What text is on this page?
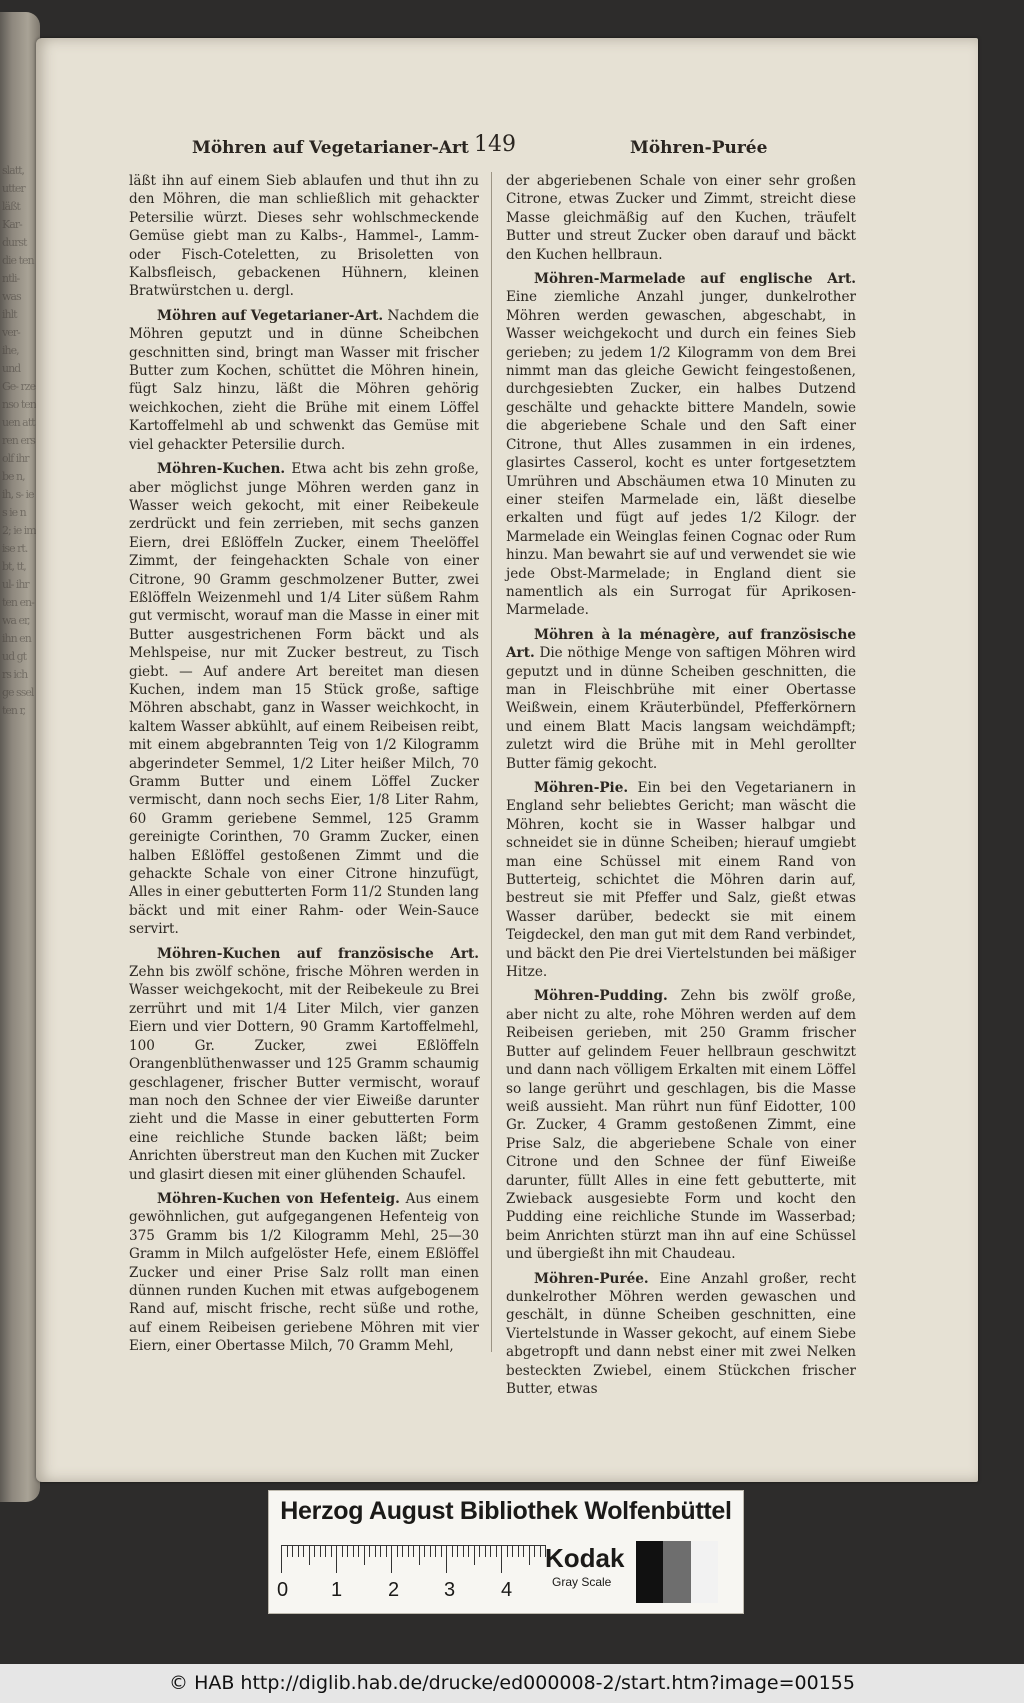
slatt, utter läßt Kar- durst die ten ntli- was ihlt ver- ihe, und Ge- rze nso ten uen att ren ers olf ihr be n, ih, s- ie s ie n 2; ie im ise rt. bt, tt, ul- ihr ten en- wa er, ihn en ud gt rs ich ge ssel ten r,
Möhren auf Vegetarianer-Art 149	Möhren-Purée

läßt ihn auf einem Sieb ablaufen und thut ihn zu den Möhren, die man schließlich mit gehackter Petersilie würzt. Dieses sehr wohlschmeckende Gemüse giebt man zu Kalbs-, Hammel-, Lamm- oder Fisch-Coteletten, zu Brisoletten von Kalbsfleisch, gebackenen Hühnern, kleinen Bratwürstchen u. dergl.

Möhren auf Vegetarianer-Art. Nachdem die Möhren geputzt und in dünne Scheibchen geschnitten sind, bringt man Wasser mit frischer Butter zum Kochen, schüttet die Möhren hinein, fügt Salz hinzu, läßt die Möhren gehörig weichkochen, zieht die Brühe mit einem Löffel Kartoffelmehl ab und schwenkt das Gemüse mit viel gehackter Petersilie durch.

Möhren-Kuchen. Etwa acht bis zehn große, aber möglichst junge Möhren werden ganz in Wasser weich gekocht, mit einer Reibekeule zerdrückt und fein zerrieben, mit sechs ganzen Eiern, drei Eßlöffeln Zucker, einem Theelöffel Zimmt, der feingehackten Schale von einer Citrone, 90 Gramm geschmolzener Butter, zwei Eßlöffeln Weizenmehl und 1/4 Liter süßem Rahm gut vermischt, worauf man die Masse in einer mit Butter ausgestrichenen Form bäckt und als Mehlspeise, nur mit Zucker bestreut, zu Tisch giebt. — Auf andere Art bereitet man diesen Kuchen, indem man 15 Stück große, saftige Möhren abschabt, ganz in Wasser weichkocht, in kaltem Wasser abkühlt, auf einem Reibeisen reibt, mit einem abgebrannten Teig von 1/2 Kilogramm abgerindeter Semmel, 1/2 Liter heißer Milch, 70 Gramm Butter und einem Löffel Zucker vermischt, dann noch sechs Eier, 1/8 Liter Rahm, 60 Gramm geriebene Semmel, 125 Gramm gereinigte Corinthen, 70 Gramm Zucker, einen halben Eßlöffel gestoßenen Zimmt und die gehackte Schale von einer Citrone hinzufügt, Alles in einer gebutterten Form 11/2 Stunden lang bäckt und mit einer Rahm- oder Wein-Sauce servirt.

Möhren-Kuchen auf französische Art. Zehn bis zwölf schöne, frische Möhren werden in Wasser weichgekocht, mit der Reibekeule zu Brei zerrührt und mit 1/4 Liter Milch, vier ganzen Eiern und vier Dottern, 90 Gramm Kartoffelmehl, 100 Gr. Zucker, zwei Eßlöffeln Orangenblüthenwasser und 125 Gramm schaumig geschlagener, frischer Butter vermischt, worauf man noch den Schnee der vier Eiweiße darunter zieht und die Masse in einer gebutterten Form eine reichliche Stunde backen läßt; beim Anrichten überstreut man den Kuchen mit Zucker und glasirt diesen mit einer glühenden Schaufel.

Möhren-Kuchen von Hefenteig. Aus einem gewöhnlichen, gut aufgegangenen Hefenteig von 375 Gramm bis 1/2 Kilogramm Mehl, 25—30 Gramm in Milch aufgelöster Hefe, einem Eßlöffel Zucker und einer Prise Salz rollt man einen dünnen runden Kuchen mit etwas aufgebogenem Rand auf, mischt frische, recht süße und rothe, auf einem Reibeisen geriebene Möhren mit vier Eiern, einer Obertasse Milch, 70 Gramm Mehl,

der abgeriebenen Schale von einer sehr großen Citrone, etwas Zucker und Zimmt, streicht diese Masse gleichmäßig auf den Kuchen, träufelt Butter und streut Zucker oben darauf und bäckt den Kuchen hellbraun.

Möhren-Marmelade auf englische Art. Eine ziemliche Anzahl junger, dunkelrother Möhren werden gewaschen, abgeschabt, in Wasser weichgekocht und durch ein feines Sieb gerieben; zu jedem 1/2 Kilogramm von dem Brei nimmt man das gleiche Gewicht feingestoßenen, durchgesiebten Zucker, ein halbes Dutzend geschälte und gehackte bittere Mandeln, sowie die abgeriebene Schale und den Saft einer Citrone, thut Alles zusammen in ein irdenes, glasirtes Casserol, kocht es unter fortgesetztem Umrühren und Abschäumen etwa 10 Minuten zu einer steifen Marmelade ein, läßt dieselbe erkalten und fügt auf jedes 1/2 Kilogr. der Marmelade ein Weinglas feinen Cognac oder Rum hinzu. Man bewahrt sie auf und verwendet sie wie jede Obst-Marmelade; in England dient sie namentlich als ein Surrogat für Aprikosen-Marmelade.

Möhren à la ménagère, auf französische Art. Die nöthige Menge von saftigen Möhren wird geputzt und in dünne Scheiben geschnitten, die man in Fleischbrühe mit einer Obertasse Weißwein, einem Kräuterbündel, Pfefferkörnern und einem Blatt Macis langsam weichdämpft; zuletzt wird die Brühe mit in Mehl gerollter Butter fämig gekocht.

Möhren-Pie. Ein bei den Vegetarianern in England sehr beliebtes Gericht; man wäscht die Möhren, kocht sie in Wasser halbgar und schneidet sie in dünne Scheiben; hierauf umgiebt man eine Schüssel mit einem Rand von Butterteig, schichtet die Möhren darin auf, bestreut sie mit Pfeffer und Salz, gießt etwas Wasser darüber, bedeckt sie mit einem Teigdeckel, den man gut mit dem Rand verbindet, und bäckt den Pie drei Viertelstunden bei mäßiger Hitze.

Möhren-Pudding. Zehn bis zwölf große, aber nicht zu alte, rohe Möhren werden auf dem Reibeisen gerieben, mit 250 Gramm frischer Butter auf gelindem Feuer hellbraun geschwitzt und dann nach völligem Erkalten mit einem Löffel so lange gerührt und geschlagen, bis die Masse weiß aussieht. Man rührt nun fünf Eidotter, 100 Gr. Zucker, 4 Gramm gestoßenen Zimmt, eine Prise Salz, die abgeriebene Schale von einer Citrone und den Schnee der fünf Eiweiße darunter, füllt Alles in eine fett gebutterte, mit Zwieback ausgesiebte Form und kocht den Pudding eine reichliche Stunde im Wasserbad; beim Anrichten stürzt man ihn auf eine Schüssel und übergießt ihn mit Chaudeau.

Möhren-Purée. Eine Anzahl großer, recht dunkelrother Möhren werden gewaschen und geschält, in dünne Scheiben geschnitten, eine Viertelstunde in Wasser gekocht, auf einem Siebe abgetropft und dann nebst einer mit zwei Nelken besteckten Zwiebel, einem Stückchen frischer Butter, etwas

Herzog August Bibliothek Wolfenbüttel
0 1 2 3 4
Kodak
Gray Scale
© HAB http://diglib.hab.de/drucke/ed000008-2/start.htm?image=00155
